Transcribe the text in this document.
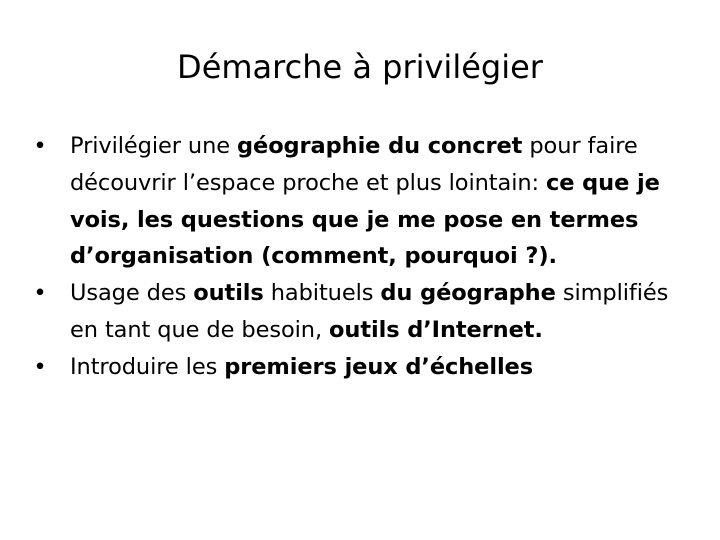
Démarche à privilégier
• Privilégier une géographie du concret pour faire découvrir l’espace proche et plus lointain: ce que je vois, les questions que je me pose en termes d’organisation (comment, pourquoi ?).
• Usage des outils habituels du géographe simplifiés en tant que de besoin, outils d’Internet.
• Introduire les premiers jeux d’échelles
